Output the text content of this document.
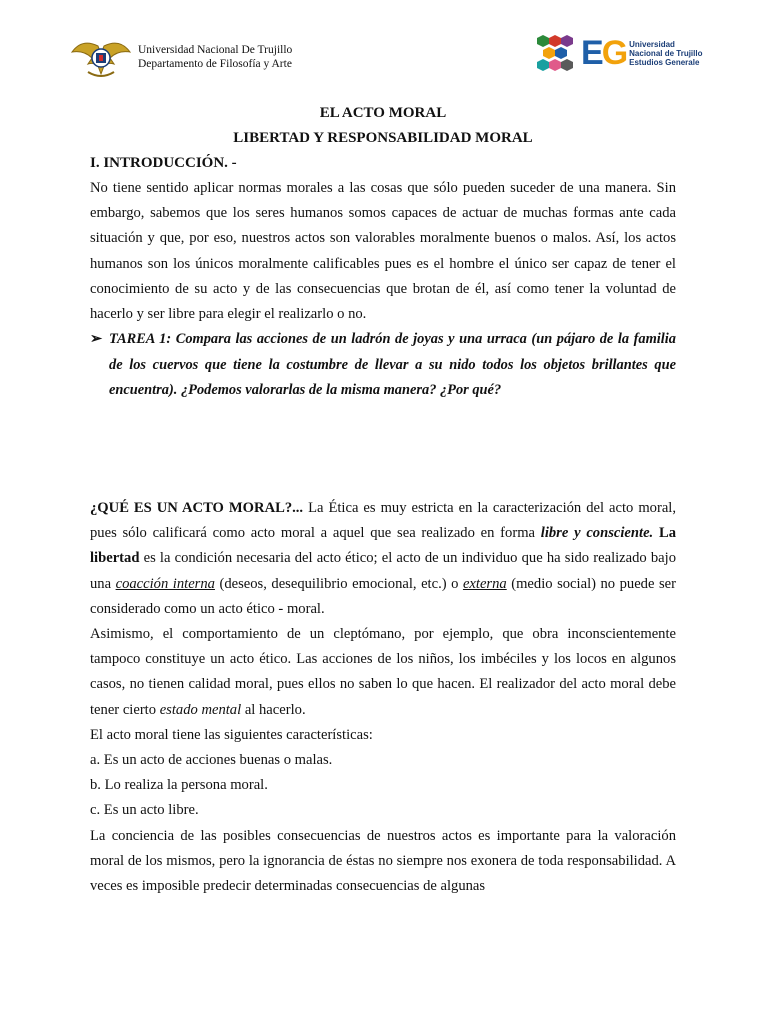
Universidad Nacional De Trujillo
Departamento de Filosofía y Arte	EG Universidad
Nacional de Trujillo
Estudios Generale
EL ACTO MORAL
LIBERTAD Y RESPONSABILIDAD MORAL
I. INTRODUCCIÓN. -

No tiene sentido aplicar normas morales a las cosas que sólo pueden suceder de una manera. Sin embargo, sabemos que los seres humanos somos capaces de actuar de muchas formas ante cada situación y que, por eso, nuestros actos son valorables moralmente buenos o malos. Así, los actos humanos son los únicos moralmente calificables pues es el hombre el único ser capaz de tener el conocimiento de su acto y de las consecuencias que brotan de él, así como tener la voluntad de hacerlo y ser libre para elegir el realizarlo o no.

➢ TAREA 1: Compara las acciones de un ladrón de joyas y una urraca (un pájaro de la familia de los cuervos que tiene la costumbre de llevar a su nido todos los objetos brillantes que encuentra). ¿Podemos valorarlas de la misma manera? ¿Por qué?

¿QUÉ ES UN ACTO MORAL?... La Ética es muy estricta en la caracterización del acto moral, pues sólo calificará como acto moral a aquel que sea realizado en forma libre y consciente. La libertad es la condición necesaria del acto ético; el acto de un individuo que ha sido realizado bajo una coacción interna (deseos, desequilibrio emocional, etc.) o externa (medio social) no puede ser considerado como un acto ético - moral.

Asimismo, el comportamiento de un cleptómano, por ejemplo, que obra inconscientemente tampoco constituye un acto ético. Las acciones de los niños, los imbéciles y los locos en algunos casos, no tienen calidad moral, pues ellos no saben lo que hacen. El realizador del acto moral debe tener cierto estado mental al hacerlo.

El acto moral tiene las siguientes características:

a. Es un acto de acciones buenas o malas.

b. Lo realiza la persona moral.

c. Es un acto libre.

La conciencia de las posibles consecuencias de nuestros actos es importante para la valoración moral de los mismos, pero la ignorancia de éstas no siempre nos exonera de toda responsabilidad. A veces es imposible predecir determinadas consecuencias de algunas
